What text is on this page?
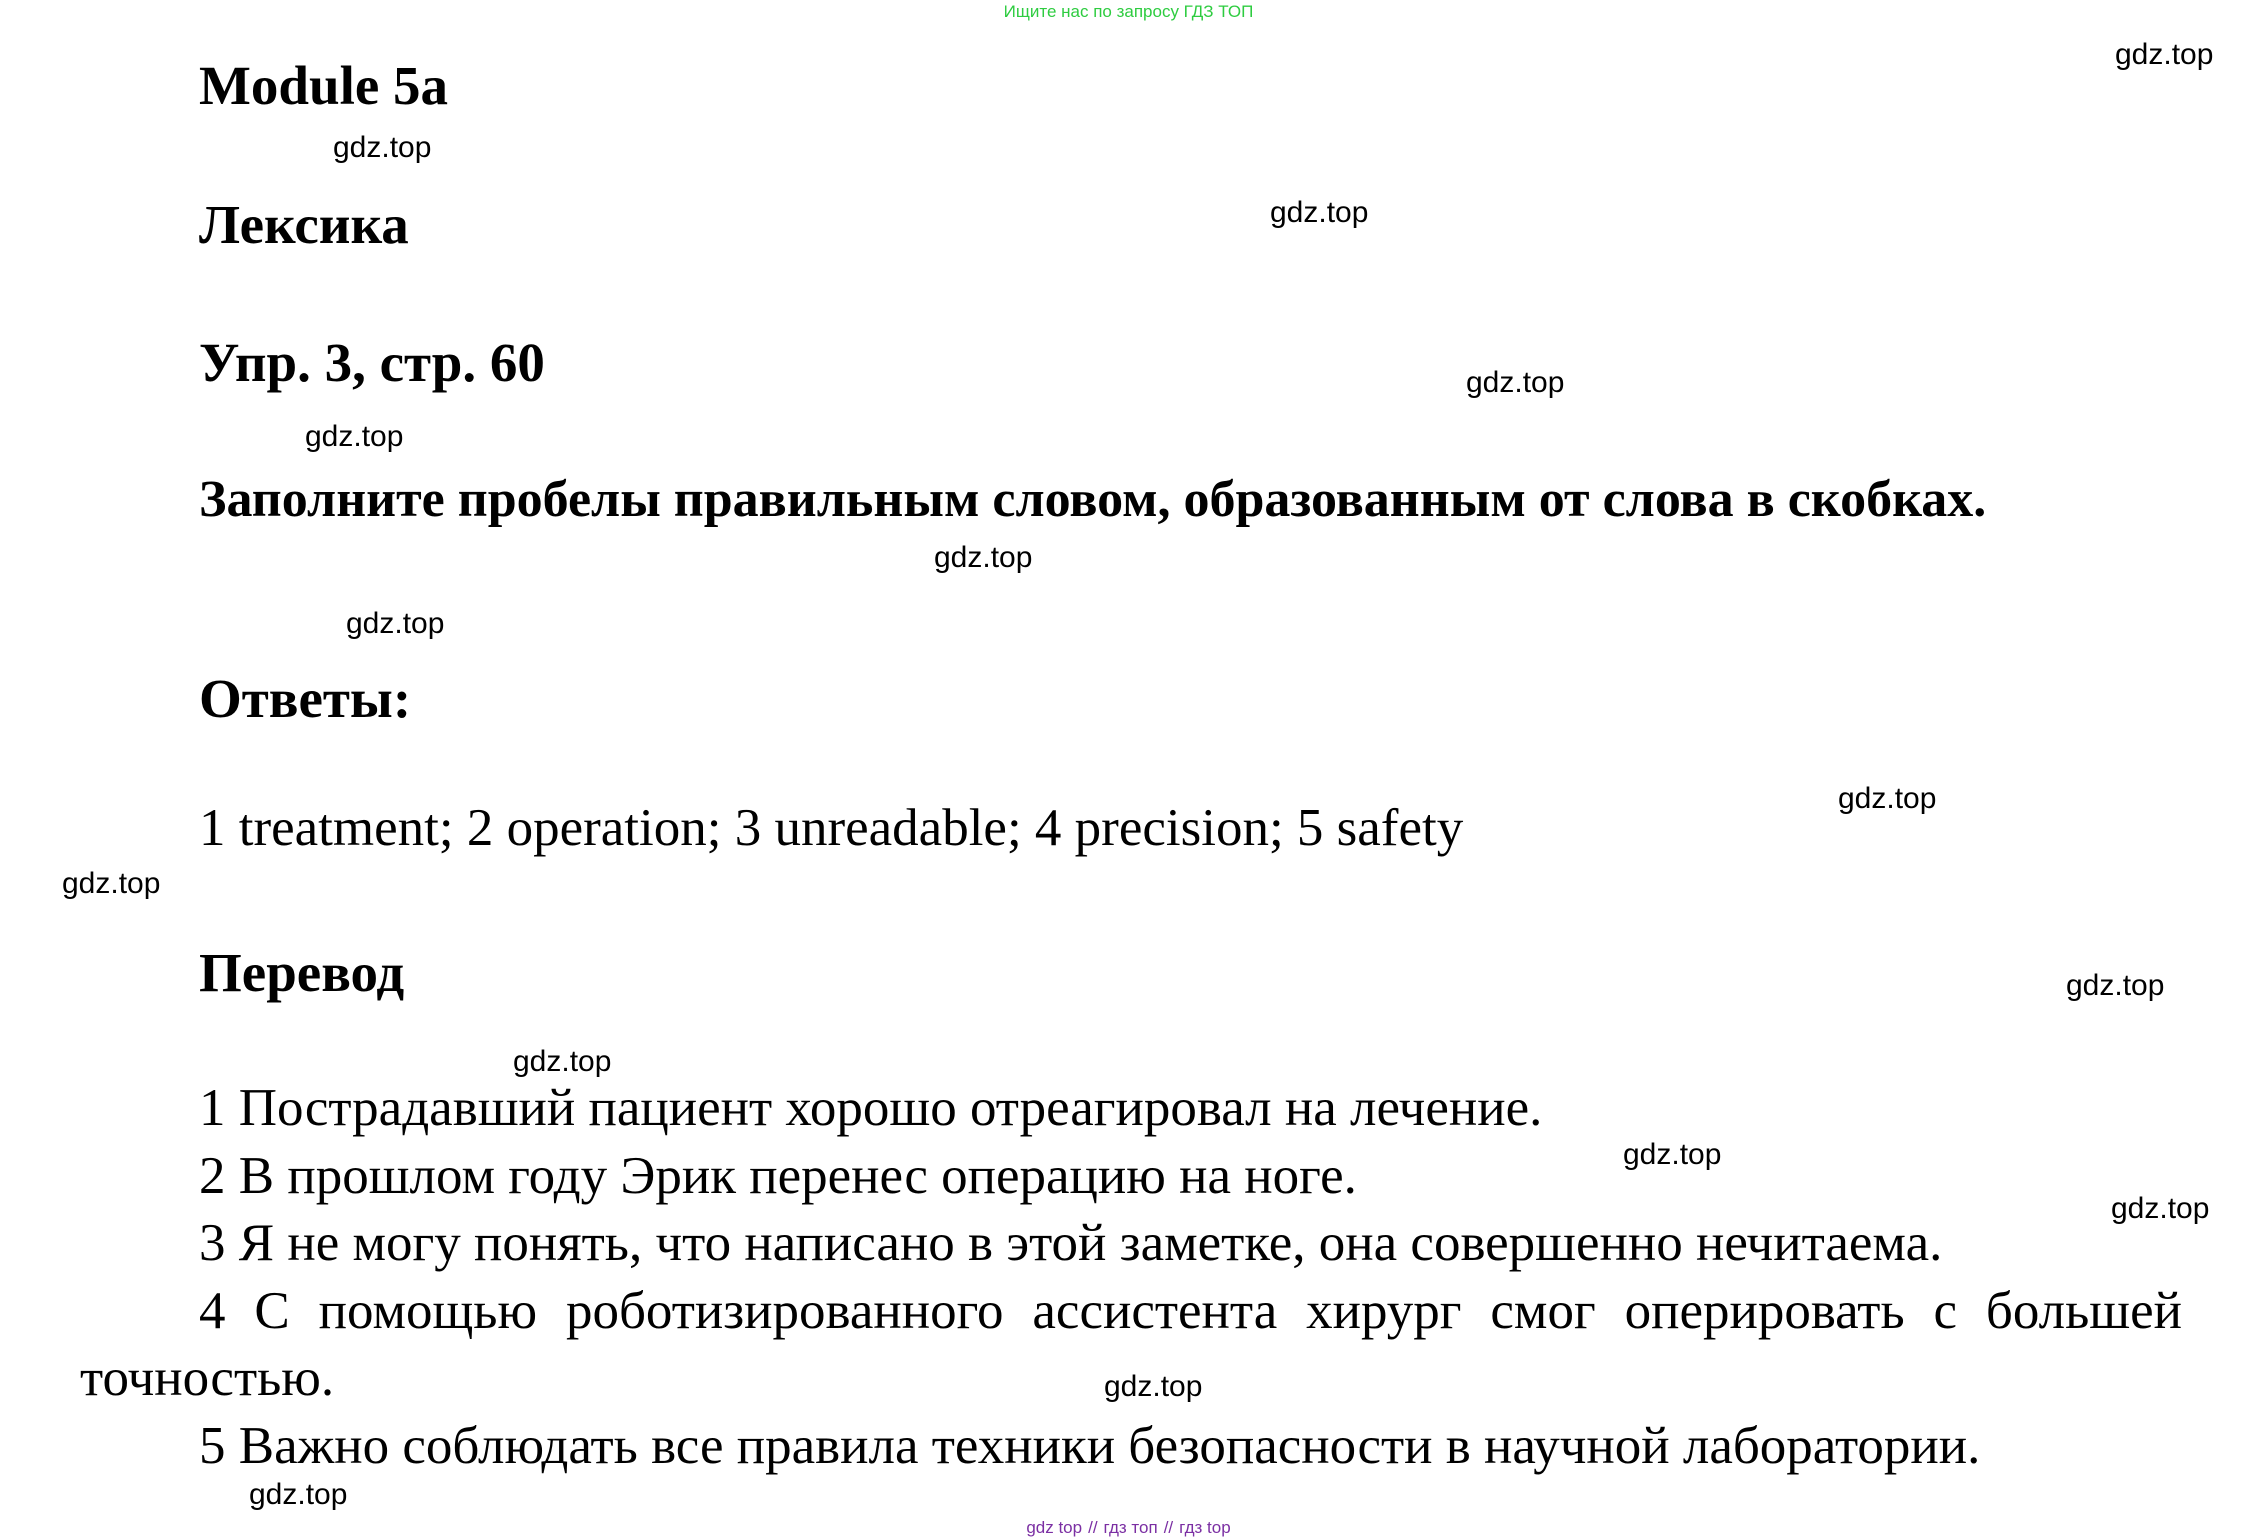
Ищите нас по запросу ГДЗ ТОП
Module 5a
Лексика
Упр. 3, стр. 60
Заполните пробелы правильным словом, образованным от слова в скобках.
Ответы:
1 treatment; 2 operation; 3 unreadable; 4 precision; 5 safety
Перевод

1 Пострадавший пациент хорошо отреагировал на лечение.

2 В прошлом году Эрик перенес операцию на ноге.

3 Я не могу понять, что написано в этой заметке, она совершенно нечитаема.

4 С помощью роботизированного ассистента хирург смог оперировать с большей точностью.

5 Важно соблюдать все правила техники безопасности в научной лаборатории.

gdz.top
gdz.top
gdz.top
gdz.top
gdz.top
gdz.top
gdz.top
gdz.top
gdz.top
gdz.top
gdz.top
gdz.top
gdz.top
gdz.top
gdz.top
gdz top // гдз топ // гдз top
